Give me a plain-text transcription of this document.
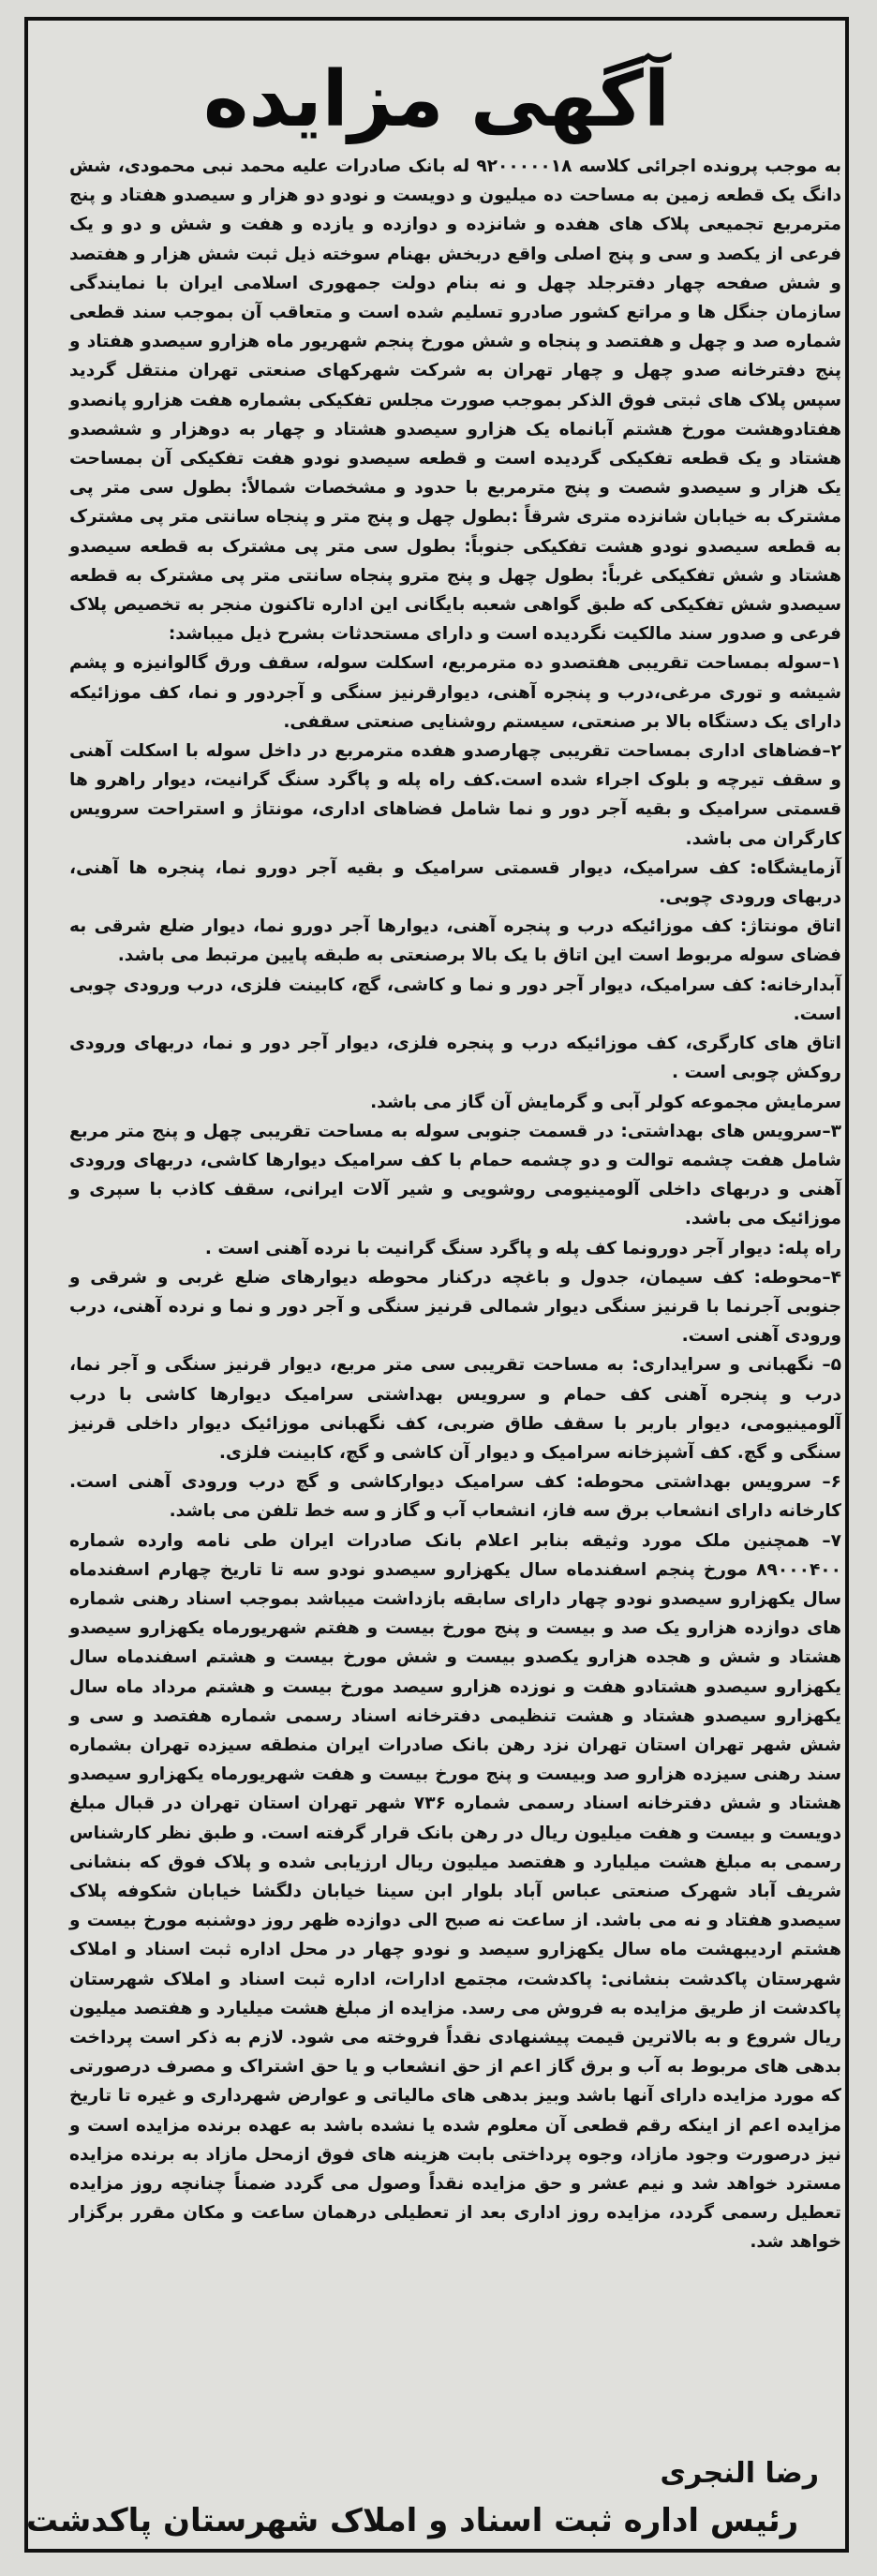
آگهی مزایده

به موجب پرونده اجرائی کلاسه ۹۲۰۰۰۰۰۱۸ له بانک صادرات علیه محمد نبی محمودی، شش دانگ یک قطعه زمین به مساحت ده میلیون و دویست و نودو دو هزار و سیصدو هفتاد و پنج مترمربع تجمیعی پلاک های هفده و شانزده و دوازده و یازده و هفت و شش و دو و یک فرعی از یکصد و سی و پنج اصلی واقع دربخش بهنام سوخته ذیل ثبت شش هزار و هفتصد و شش صفحه چهار دفترجلد چهل و نه بنام دولت جمهوری اسلامی ایران با نمایندگی سازمان جنگل ها و مراتع کشور صادرو تسلیم شده است و متعاقب آن بموجب سند قطعی شماره صد و چهل و هفتصد و پنجاه و شش مورخ پنجم شهریور ماه هزارو سیصدو هفتاد و پنج دفترخانه صدو چهل و چهار تهران به شرکت شهرکهای صنعتی تهران منتقل گردید سپس پلاک های ثبتی فوق الذکر بموجب صورت مجلس تفکیکی بشماره هفت هزارو پانصدو هفتادوهشت مورخ هشتم آبانماه یک هزارو سیصدو هشتاد و چهار به دوهزار و ششصدو هشتاد و یک قطعه تفکیکی گردیده است و قطعه سیصدو نودو هفت تفکیکی آن بمساحت یک هزار و سیصدو شصت و پنج مترمربع با حدود و مشخصات شمالاً: بطول سی متر پی مشترک به خیابان شانزده متری شرقاً :بطول چهل و پنج متر و پنجاه سانتی متر پی مشترک به قطعه سیصدو نودو هشت تفکیکی جنوباً: بطول سی متر پی مشترک به قطعه سیصدو هشتاد و شش تفکیکی غرباً: بطول چهل و پنج مترو پنجاه سانتی متر پی مشترک به قطعه سیصدو شش تفکیکی که طبق گواهی شعبه بایگانی این اداره تاکنون منجر به تخصیص پلاک فرعی و صدور سند مالکیت نگردیده است و دارای مستحدثات بشرح ذیل میباشد:

۱–سوله بمساحت تقریبی هفتصدو ده مترمربع، اسکلت سوله، سقف ورق گالوانیزه و پشم شیشه و توری مرغی،درب و پنجره آهنی، دیوارقرنیز سنگی و آجردور و نما، کف موزائیکه دارای یک دستگاه بالا بر صنعتی، سیستم روشنایی صنعتی سقفی.

۲–فضاهای اداری بمساحت تقریبی چهارصدو هفده مترمربع در داخل سوله با اسکلت آهنی و سقف تیرچه و بلوک اجراء شده است.کف راه پله و پاگرد سنگ گرانیت، دیوار راهرو ها قسمتی سرامیک و بقیه آجر دور و نما شامل فضاهای اداری، مونتاژ و استراحت سرویس کارگران می باشد.

آزمایشگاه: کف سرامیک، دیوار قسمتی سرامیک و بقیه آجر دورو نما، پنجره ها آهنی، دربهای ورودی چوبی.

اتاق مونتاژ: کف موزائیکه درب و پنجره آهنی، دیوارها آجر دورو نما، دیوار ضلع شرقی به فضای سوله مربوط است این اتاق با یک بالا برصنعتی به طبقه پایین مرتبط می باشد.

آبدارخانه: کف سرامیک، دیوار آجر دور و نما و کاشی، گچ، کابینت فلزی، درب ورودی چوبی است.

اتاق های کارگری، کف موزائیکه درب و پنجره فلزی، دیوار آجر دور و نما، دربهای ورودی روکش چوبی است .

سرمایش مجموعه کولر آبی و گرمایش آن گاز می باشد.

۳–سرویس های بهداشتی: در قسمت جنوبی سوله به مساحت تقریبی چهل و پنج متر مربع شامل هفت چشمه توالت و دو چشمه حمام با کف سرامیک دیوارها کاشی، دربهای ورودی آهنی و دربهای داخلی آلومینیومی روشویی و شیر آلات ایرانی، سقف کاذب با سپری و موزائیک می باشد.

راه پله: دیوار آجر دورونما کف پله و پاگرد سنگ گرانیت با نرده آهنی است .

۴–محوطه: کف سیمان، جدول و باغچه درکنار محوطه دیوارهای ضلع غربی و شرقی و جنوبی آجرنما با قرنیز سنگی دیوار شمالی قرنیز سنگی و آجر دور و نما و نرده آهنی، درب ورودی آهنی است.

۵– نگهبانی و سرایداری: به مساحت تقریبی سی متر مربع، دیوار قرنیز سنگی و آجر نما، درب و پنجره آهنی کف حمام و سرویس بهداشتی سرامیک دیوارها کاشی با درب آلومینیومی، دیوار باربر با سقف طاق ضربی، کف نگهبانی موزائیک دیوار داخلی قرنیز سنگی و گچ. کف آشپزخانه سرامیک و دیوار آن کاشی و گچ، کابینت فلزی.

۶– سرویس بهداشتی محوطه: کف سرامیک دیوارکاشی و گچ درب ورودی آهنی است. کارخانه دارای انشعاب برق سه فاز، انشعاب آب و گاز و سه خط تلفن می باشد.

۷– همچنین ملک مورد وثیقه بنابر اعلام بانک صادرات ایران طی نامه وارده شماره ۸۹۰۰۰۴۰۰ مورخ پنجم اسفندماه سال یکهزارو سیصدو نودو سه تا تاریخ چهارم اسفندماه سال یکهزارو سیصدو نودو چهار دارای سابقه بازداشت میباشد بموجب اسناد رهنی شماره های دوازده هزارو یک صد و بیست و پنج مورخ بیست و هفتم شهریورماه یکهزارو سیصدو هشتاد و شش و هجده هزارو یکصدو بیست و شش مورخ بیست و هشتم اسفندماه سال یکهزارو سیصدو هشتادو هفت و نوزده هزارو سیصد مورخ بیست و هشتم مرداد ماه سال یکهزارو سیصدو هشتاد و هشت تنظیمی دفترخانه اسناد رسمی شماره هفتصد و سی و شش شهر تهران استان تهران نزد رهن بانک صادرات ایران منطقه سیزده تهران بشماره سند رهنی سیزده هزارو صد وبیست و پنج مورخ بیست و هفت شهریورماه یکهزارو سیصدو هشتاد و شش دفترخانه اسناد رسمی شماره ۷۳۶ شهر تهران استان تهران در قبال مبلغ دویست و بیست و هفت میلیون ریال در رهن بانک قرار گرفته است. و طبق نظر کارشناس رسمی به مبلغ هشت میلیارد و هفتصد میلیون ریال ارزیابی شده و پلاک فوق که بنشانی شریف آباد شهرک صنعتی عباس آباد بلوار ابن سینا خیابان دلگشا خیابان شکوفه پلاک سیصدو هفتاد و نه می باشد. از ساعت نه صبح الی دوازده ظهر روز دوشنبه مورخ بیست و هشتم اردیبهشت ماه سال یکهزارو سیصد و نودو چهار در محل اداره ثبت اسناد و املاک شهرستان پاکدشت بنشانی: پاکدشت، مجتمع ادارات، اداره ثبت اسناد و املاک شهرستان پاکدشت از طریق مزایده به فروش می رسد. مزایده از مبلغ هشت میلیارد و هفتصد میلیون ریال شروع و به بالاترین قیمت پیشنهادی نقداً فروخته می شود. لازم به ذکر است پرداخت بدهی های مربوط به آب و برق گاز اعم از حق انشعاب و یا حق اشتراک و مصرف درصورتی که مورد مزایده دارای آنها باشد وبیز بدهی های مالیاتی و عوارض شهرداری و غیره تا تاریخ مزایده اعم از اینکه رقم قطعی آن معلوم شده یا نشده باشد به عهده برنده مزایده است و نیز درصورت وجود مازاد، وجوه پرداختی بابت هزینه های فوق ازمحل مازاد به برنده مزایده مسترد خواهد شد و نیم عشر و حق مزایده نقداً وصول می گردد ضمناً چنانچه روز مزایده تعطیل رسمی گردد، مزایده روز اداری بعد از تعطیلی درهمان ساعت و مکان مقرر برگزار خواهد شد.

رضا النجری
رئیس اداره ثبت اسناد و املاک شهرستان پاکدشت
